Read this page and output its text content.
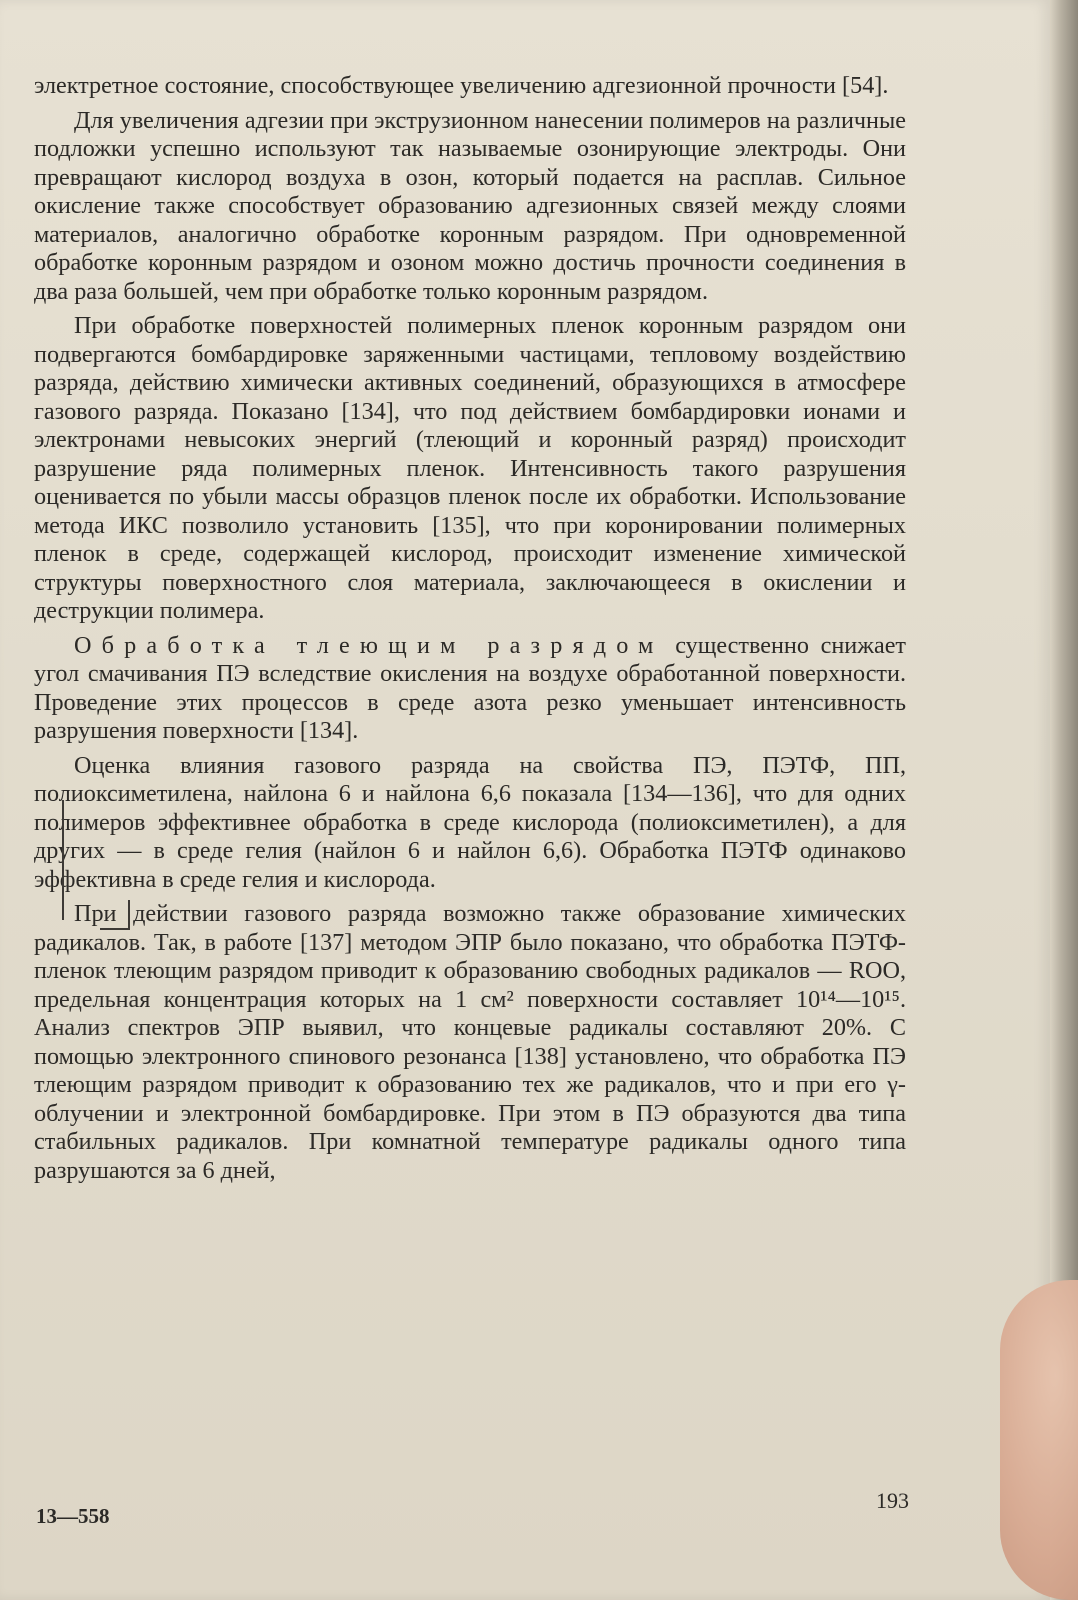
электретное состояние, способствующее увеличению адгезионной прочности [54].

Для увеличения адгезии при экструзионном нанесении полимеров на различные подложки успешно используют так называемые озонирующие электроды. Они превращают кислород воздуха в озон, который подается на расплав. Сильное окисление также способствует образованию адгезионных связей между слоями материалов, аналогично обработке коронным разрядом. При одновременной обработке коронным разрядом и озоном можно достичь прочности соединения в два раза большей, чем при обработке только коронным разрядом.

При обработке поверхностей полимерных пленок коронным разрядом они подвергаются бомбардировке заряженными частицами, тепловому воздействию разряда, действию химически активных соединений, образующихся в атмосфере газового разряда. Показано [134], что под действием бомбардировки ионами и электронами невысоких энергий (тлеющий и коронный разряд) происходит разрушение ряда полимерных пленок. Интенсивность такого разрушения оценивается по убыли массы образцов пленок после их обработки. Использование метода ИКС позволило установить [135], что при коронировании полимерных пленок в среде, содержащей кислород, происходит изменение химической структуры поверхностного слоя материала, заключающееся в окислении и деструкции полимера.

Обработка тлеющим разрядом существенно снижает угол смачивания ПЭ вследствие окисления на воздухе обработанной поверхности. Проведение этих процессов в среде азота резко уменьшает интенсивность разрушения поверхности [134].

Оценка влияния газового разряда на свойства ПЭ, ПЭТФ, ПП, полиоксиметилена, найлона 6 и найлона 6,6 показала [134—136], что для одних полимеров эффективнее обработка в среде кислорода (полиоксиметилен), а для других — в среде гелия (найлон 6 и найлон 6,6). Обработка ПЭТФ одинаково эффективна в среде гелия и кислорода.

При действии газового разряда возможно также образование химических радикалов. Так, в работе [137] методом ЭПР было показано, что обработка ПЭТФ-пленок тлеющим разрядом приводит к образованию свободных радикалов — ROO, предельная концентрация которых на 1 см² поверхности составляет 10¹⁴—10¹⁵. Анализ спектров ЭПР выявил, что концевые радикалы составляют 20%. С помощью электронного спинового резонанса [138] установлено, что обработка ПЭ тлеющим разрядом приводит к образованию тех же радикалов, что и при его γ-облучении и электронной бомбардировке. При этом в ПЭ образуются два типа стабильных радикалов. При комнатной температуре радикалы одного типа разрушаются за 6 дней,

193
13—558
